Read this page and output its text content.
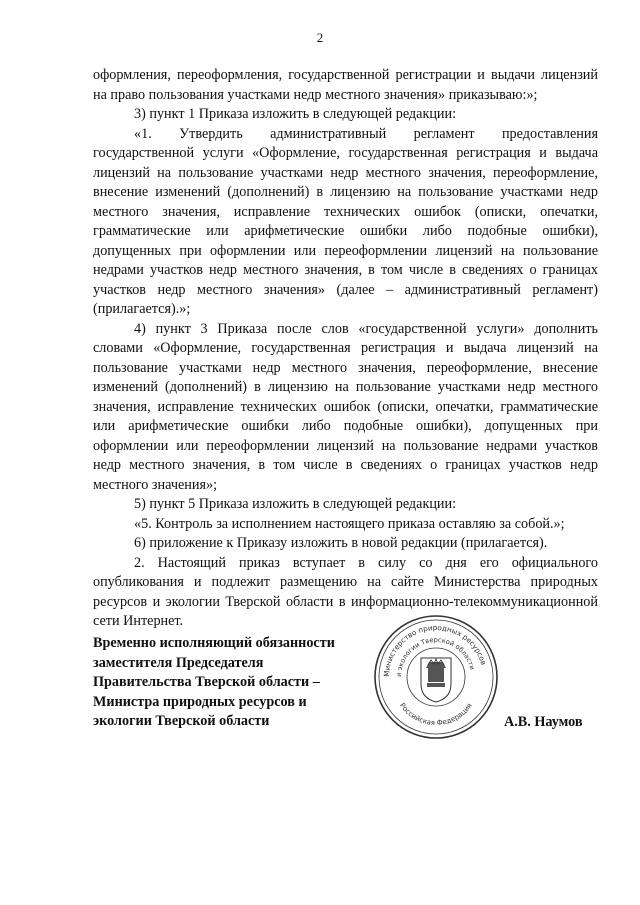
2

оформления, переоформления, государственной регистрации и выдачи лицензий на право пользования участками недр местного значения» приказываю:»;

3) пункт 1 Приказа изложить в следующей редакции:

«1. Утвердить административный регламент предоставления государственной услуги «Оформление, государственная регистрация и выдача лицензий на пользование участками недр местного значения, переоформление, внесение изменений (дополнений) в лицензию на пользование участками недр местного значения, исправление технических ошибок (описки, опечатки, грамматические или арифметические ошибки либо подобные ошибки), допущенных при оформлении или переоформлении лицензий на пользование недрами участков недр местного значения, в том числе в сведениях о границах участков недр местного значения» (далее – административный регламент) (прилагается).»;

4) пункт 3 Приказа после слов «государственной услуги» дополнить словами «Оформление, государственная регистрация и выдача лицензий на пользование участками недр местного значения, переоформление, внесение изменений (дополнений) в лицензию на пользование участками недр местного значения, исправление технических ошибок (описки, опечатки, грамматические или арифметические ошибки либо подобные ошибки), допущенных при оформлении или переоформлении лицензий на пользование недрами участков недр местного значения, в том числе в сведениях о границах участков недр местного значения»;

5) пункт 5 Приказа изложить в следующей редакции:

«5. Контроль за исполнением настоящего приказа оставляю за собой.»;

6) приложение к Приказу изложить в новой редакции (прилагается).

2. Настоящий приказ вступает в силу со дня его официального опубликования и подлежит размещению на сайте Министерства природных ресурсов и экологии Тверской области в информационно-телекоммуникационной сети Интернет.

Временно исполняющий обязанности
заместителя Председателя
Правительства Тверской области –
Министра природных ресурсов и
экологии Тверской области
Министерство природных ресурсов
и экологии Тверской области
Российская Федерация
А.В. Наумов
